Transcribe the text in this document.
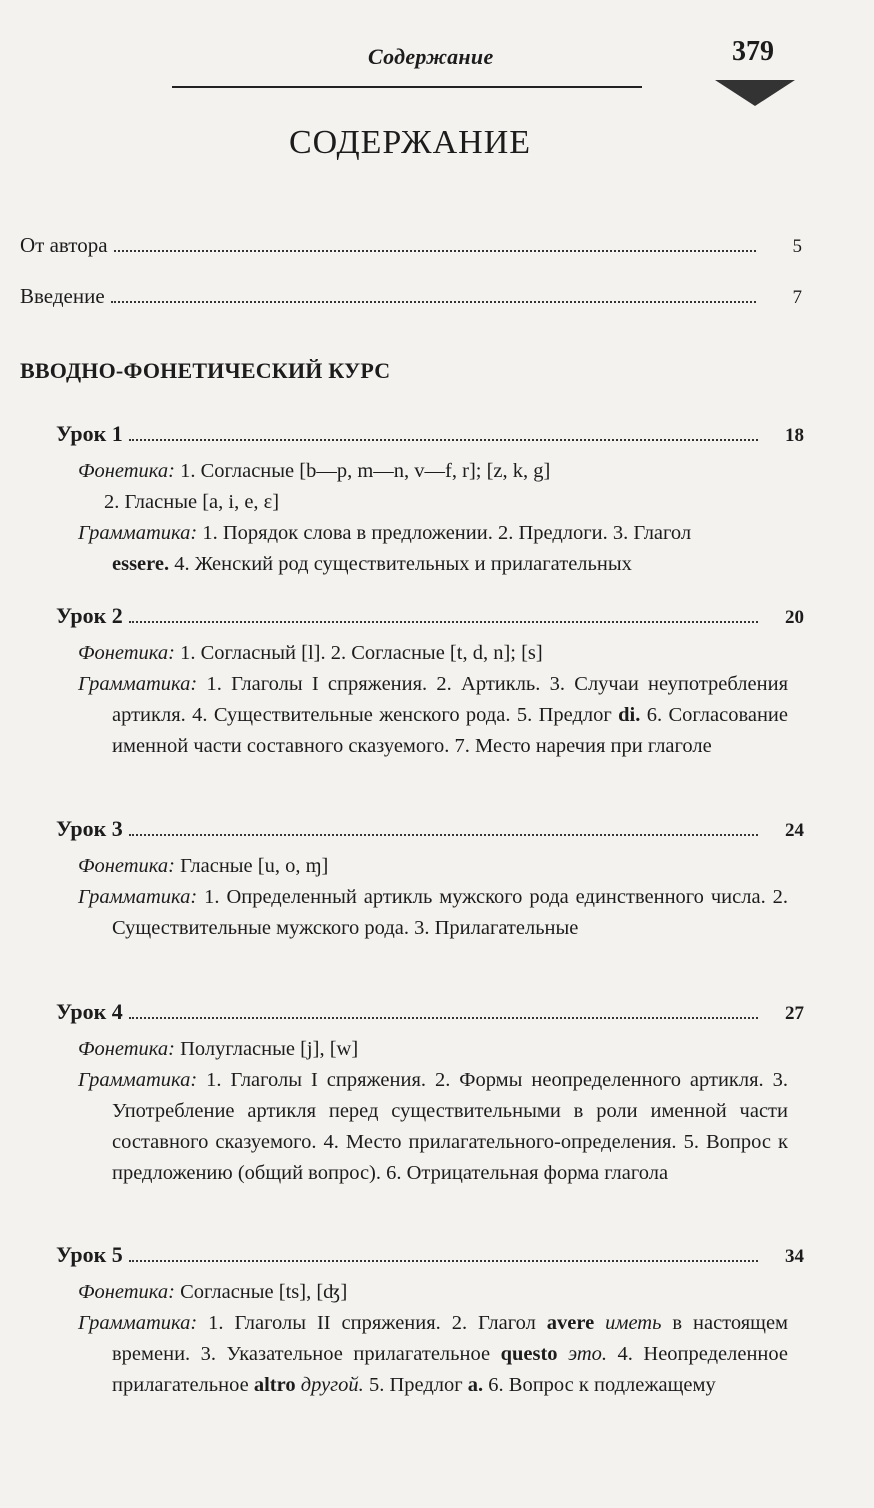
Содержание	379
СОДЕРЖАНИЕ
От автора	5
Введение	7
ВВОДНО-ФОНЕТИЧЕСКИЙ КУРС
Урок 1	18
Фонетика: 1. Согласные [b—p, m—n, v—f, r]; [z, k, g]
2. Гласные [a, i, e, ε]
Грамматика: 1. Порядок слова в предложении. 2. Предлоги. 3. Глагол
essere. 4. Женский род существительных и прилагательных
Урок 2	20
Фонетика: 1. Согласный [l]. 2. Согласные [t, d, n]; [s]
Грамматика: 1. Глаголы I спряжения. 2. Артикль. 3. Случаи неупотребления артикля. 4. Существительные женского рода. 5. Предлог di. 6. Согласование именной части составного сказуемого. 7. Место наречия при глаголе
Урок 3	24
Фонетика: Гласные [u, o, ɱ]
Грамматика: 1. Определенный артикль мужского рода единственного числа. 2. Существительные мужского рода. 3. Прилагательные
Урок 4	27
Фонетика: Полугласные [j], [w]
Грамматика: 1. Глаголы I спряжения. 2. Формы неопределенного артикля. 3. Употребление артикля перед существительными в роли именной части составного сказуемого. 4. Место прилагательного-определения. 5. Вопрос к предложению (общий вопрос). 6. Отрицательная форма глагола
Урок 5	34
Фонетика: Согласные [ts], [ʤ]
Грамматика: 1. Глаголы II спряжения. 2. Глагол avere иметь в настоящем времени. 3. Указательное прилагательное questo это. 4. Неопределенное прилагательное altro другой. 5. Предлог a. 6. Вопрос к подлежащему
